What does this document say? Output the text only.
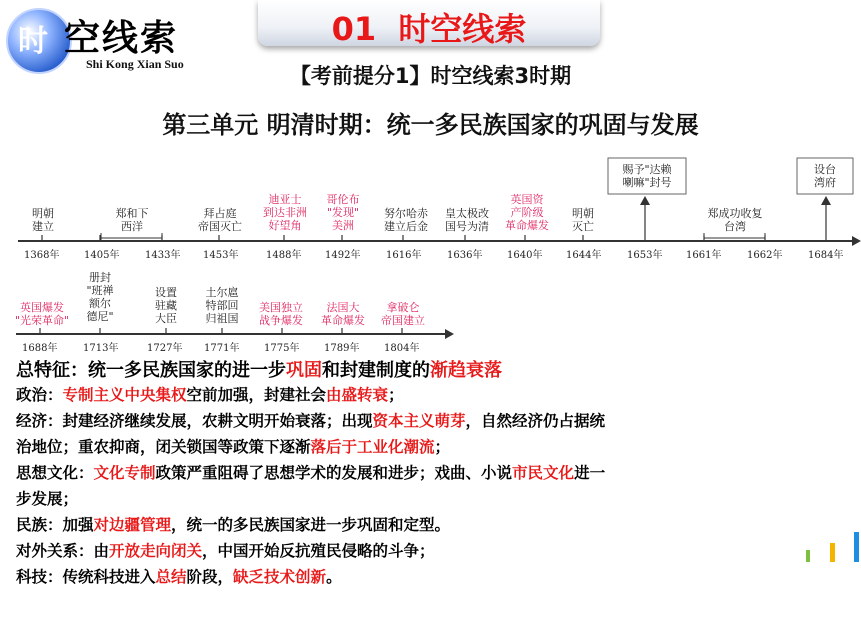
时 空线索
Shi Kong Xian Suo
01  时空线索
【考前提分1】时空线索3时期
第三单元 明清时期：统一多民族国家的巩固与发展
明朝
建立
郑和下
西洋
拜占庭
帝国灭亡
迪亚士
到达非洲
好望角
哥伦布
"发现"
美洲
努尔哈赤
建立后金
皇太极改
国号为清
英国资
产阶级
革命爆发
明朝
灭亡
赐予"达赖
喇嘛"封号
郑成功收复
台湾
设台
湾府
1368年 1405年	1433年 1453年	1488年 1492年	1616年	1636年 1640年 1644年	1653年 1661年	1662年	1684年
英国爆发
"光荣革命"
册封
"班禅
额尔
德尼"
设置
驻藏
大臣
土尔扈
特部回
归祖国
美国独立
战争爆发
法国大
革命爆发
拿破仑
帝国建立
1688年	1713年	1727年 1771年 1775年 1789年 1804年
总特征：统一多民族国家的进一步巩固和封建制度的渐趋衰落
政治：专制主义中央集权空前加强，封建社会由盛转衰；
经济：封建经济继续发展，农耕文明开始衰落；出现资本主义萌芽，自然经济仍占据统
治地位；重农抑商，闭关锁国等政策下逐渐落后于工业化潮流；
思想文化：文化专制政策严重阻碍了思想学术的发展和进步；戏曲、小说市民文化进一
步发展；
民族：加强对边疆管理，统一的多民族国家进一步巩固和定型。
对外关系：由开放走向闭关，中国开始反抗殖民侵略的斗争；
科技：传统科技进入总结阶段，缺乏技术创新。
